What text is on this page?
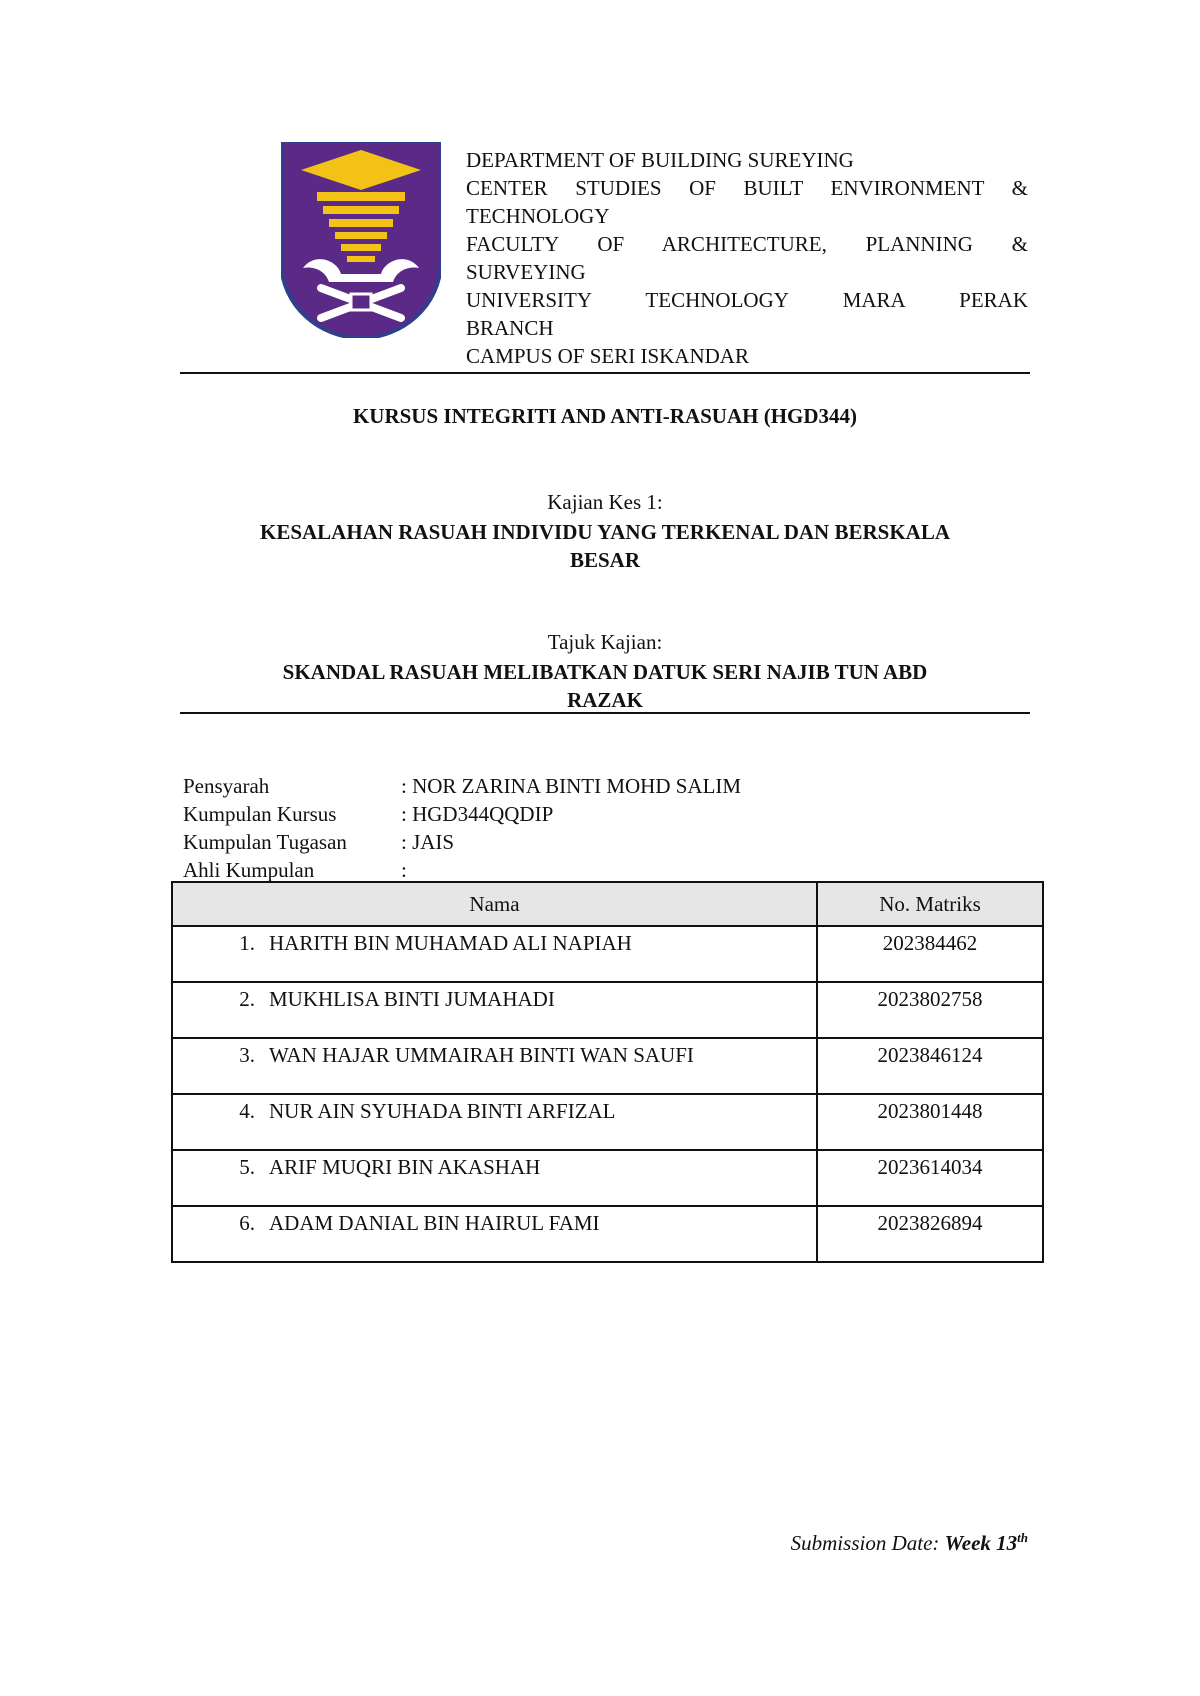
DEPARTMENT OF BUILDING SUREYING
CENTER STUDIES OF BUILT ENVIRONMENT &
TECHNOLOGY
FACULTY OF ARCHITECTURE, PLANNING &
SURVEYING
UNIVERSITY TECHNOLOGY MARA PERAK
BRANCH
CAMPUS OF SERI ISKANDAR
KURSUS INTEGRITI AND ANTI-RASUAH (HGD344)
Kajian Kes 1:
KESALAHAN RASUAH INDIVIDU YANG TERKENAL DAN BERSKALA
BESAR
Tajuk Kajian:
SKANDAL RASUAH MELIBATKAN DATUK SERI NAJIB TUN ABD
RAZAK
Pensyarah	: NOR ZARINA BINTI MOHD SALIM
Kumpulan Kursus	: HGD344QQDIP
Kumpulan Tugasan	: JAIS
Ahli Kumpulan	:
Nama	No. Matriks
1. HARITH BIN MUHAMAD ALI NAPIAH	202384462
2. MUKHLISA BINTI JUMAHADI	2023802758
3. WAN HAJAR UMMAIRAH BINTI WAN SAUFI	2023846124
4. NUR AIN SYUHADA BINTI ARFIZAL	2023801448
5. ARIF MUQRI BIN AKASHAH	2023614034
6. ADAM DANIAL BIN HAIRUL FAMI	2023826894
Submission Date: Week 13th
